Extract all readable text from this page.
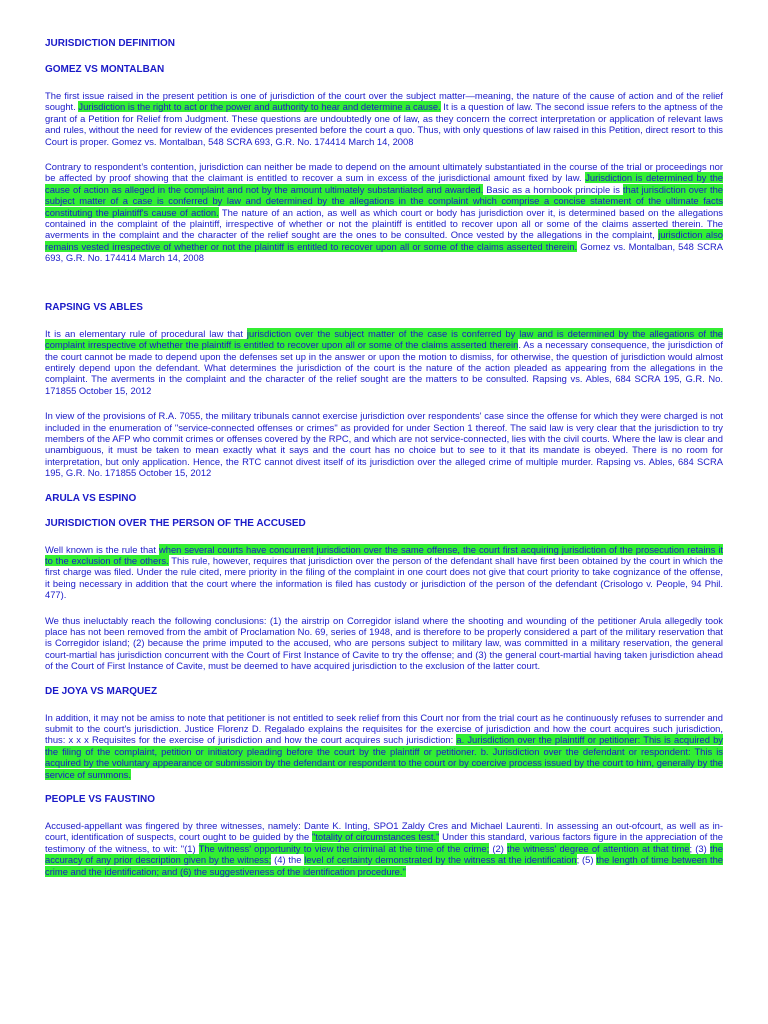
JURISDICTION DEFINITION
GOMEZ VS MONTALBAN

The first issue raised in the present petition is one of jurisdiction of the court over the subject matter—meaning, the nature of the cause of action and of the relief sought. Jurisdiction is the right to act or the power and authority to hear and determine a cause. It is a question of law. The second issue refers to the aptness of the grant of a Petition for Relief from Judgment. These questions are undoubtedly one of law, as they concern the correct interpretation or application of relevant laws and rules, without the need for review of the evidences presented before the court a quo. Thus, with only questions of law raised in this Petition, direct resort to this Court is proper. Gomez vs. Montalban, 548 SCRA 693, G.R. No. 174414 March 14, 2008

Contrary to respondent’s contention, jurisdiction can neither be made to depend on the amount ultimately substantiated in the course of the trial or proceedings nor be affected by proof showing that the claimant is entitled to recover a sum in excess of the jurisdictional amount fixed by law. Jurisdiction is determined by the cause of action as alleged in the complaint and not by the amount ultimately substantiated and awarded. Basic as a hornbook principle is that jurisdiction over the subject matter of a case is conferred by law and determined by the allegations in the complaint which comprise a concise statement of the ultimate facts constituting the plaintiff's cause of action. The nature of an action, as well as which court or body has jurisdiction over it, is determined based on the allegations contained in the complaint of the plaintiff, irrespective of whether or not the plaintiff is entitled to recover upon all or some of the claims asserted therein. The averments in the complaint and the character of the relief sought are the ones to be consulted. Once vested by the allegations in the complaint, jurisdiction also remains vested irrespective of whether or not the plaintiff is entitled to recover upon all or some of the claims asserted therein. Gomez vs. Montalban, 548 SCRA 693, G.R. No. 174414 March 14, 2008

RAPSING VS ABLES

It is an elementary rule of procedural law that jurisdiction over the subject matter of the case is conferred by law and is determined by the allegations of the complaint irrespective of whether the plaintiff is entitled to recover upon all or some of the claims asserted therein. As a necessary consequence, the jurisdiction of the court cannot be made to depend upon the defenses set up in the answer or upon the motion to dismiss, for otherwise, the question of jurisdiction would almost entirely depend upon the defendant. What determines the jurisdiction of the court is the nature of the action pleaded as appearing from the allegations in the complaint. The averments in the complaint and the character of the relief sought are the matters to be consulted. Rapsing vs. Ables, 684 SCRA 195, G.R. No. 171855 October 15, 2012

In view of the provisions of R.A. 7055, the military tribunals cannot exercise jurisdiction over respondents' case since the offense for which they were charged is not included in the enumeration of "service-connected offenses or crimes" as provided for under Section 1 thereof. The said law is very clear that the jurisdiction to try members of the AFP who commit crimes or offenses covered by the RPC, and which are not service-connected, lies with the civil courts. Where the law is clear and unambiguous, it must be taken to mean exactly what it says and the court has no choice but to see to it that its mandate is obeyed. There is no room for interpretation, but only application. Hence, the RTC cannot divest itself of its jurisdiction over the alleged crime of multiple murder. Rapsing vs. Ables, 684 SCRA 195, G.R. No. 171855 October 15, 2012

ARULA VS ESPINO
JURISDICTION OVER THE PERSON OF THE ACCUSED

Well known is the rule that when several courts have concurrent jurisdiction over the same offense, the court first acquiring jurisdiction of the prosecution retains it to the exclusion of the others. This rule, however, requires that jurisdiction over the person of the defendant shall have first been obtained by the court in which the first charge was filed. Under the rule cited, mere priority in the filing of the complaint in one court does not give that court priority to take cognizance of the offense, it being necessary in addition that the court where the information is filed has custody or jurisdiction of the person of the defendant (Crisologo v. People, 94 Phil. 477).

We thus ineluctably reach the following conclusions: (1) the airstrip on Corregidor island where the shooting and wounding of the petitioner Arula allegedly took place has not been removed from the ambit of Proclamation No. 69, series of 1948, and is therefore to be properly considered a part of the military reservation that is Corregidor island; (2) because the prime imputed to the accused, who are persons subject to military law, was committed in a military reservation, the general court-martial has jurisdiction concurrent with the Court of First Instance of Cavite to try the offense; and (3) the general court-martial having taken jurisdiction ahead of the Court of First Instance of Cavite, must be deemed to have acquired jurisdiction to the exclusion of the latter court.

DE JOYA VS MARQUEZ

In addition, it may not be amiss to note that petitioner is not entitled to seek relief from this Court nor from the trial court as he continuously refuses to surrender and submit to the court's jurisdiction. Justice Florenz D. Regalado explains the requisites for the exercise of jurisdiction and how the court acquires such jurisdiction, thus: x x x Requisites for the exercise of jurisdiction and how the court acquires such jurisdiction: a. Jurisdiction over the plaintiff or petitioner: This is acquired by the filing of the complaint, petition or initiatory pleading before the court by the plaintiff or petitioner. b. Jurisdiction over the defendant or respondent: This is acquired by the voluntary appearance or submission by the defendant or respondent to the court or by coercive process issued by the court to him, generally by the service of summons.

PEOPLE VS FAUSTINO

Accused-appellant was fingered by three witnesses, namely: Dante K. Inting, SPO1 Zaldy Cres and Michael Laurenti. In assessing an out-ofcourt, as well as in-court, identification of suspects, court ought to be guided by the "totality of circumstances test." Under this standard, various factors figure in the appreciation of the testimony of the witness, to wit: "(1) The witness' opportunity to view the criminal at the time of the crime; (2) the witness' degree of attention at that time; (3) the accuracy of any prior description given by the witness; (4) the level of certainty demonstrated by the witness at the identification; (5) the length of time between the crime and the identification; and (6) the suggestiveness of the identification procedure."
